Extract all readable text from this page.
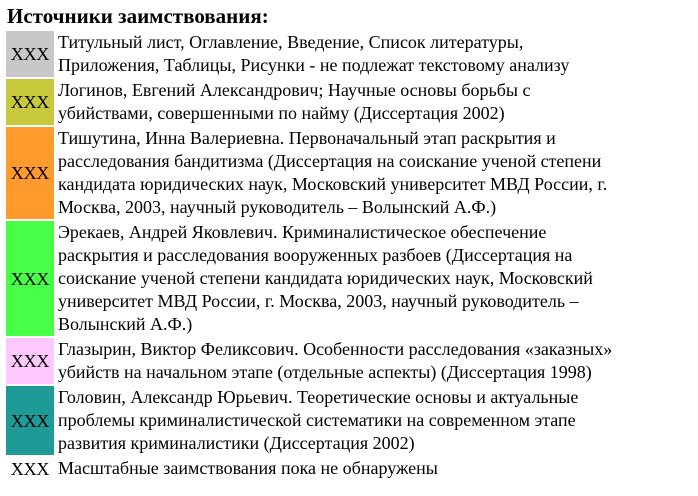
Источники заимствования:
XXX	Титульный лист, Оглавление, Введение, Список литературы,
Приложения, Таблицы, Рисунки - не подлежат текстовому анализу

XXX	Логинов, Евгений Александрович; Научные основы борьбы с
убийствами, совершенными по найму (Диссертация 2002)

XXX	Тишутина, Инна Валериевна. Первоначальный этап раскрытия и
расследования бандитизма (Диссертация на соискание ученой степени
кандидата юридических наук, Московский университет МВД России, г.
Москва, 2003, научный руководитель – Волынский А.Ф.)

XXX	Эрекаев, Андрей Яковлевич. Криминалистическое обеспечение
раскрытия и расследования вооруженных разбоев (Диссертация на
соискание ученой степени кандидата юридических наук, Московский
университет МВД России, г. Москва, 2003, научный руководитель –
Волынский А.Ф.)

XXX	Глазырин, Виктор Феликсович. Особенности расследования «заказных»
убийств на начальном этапе (отдельные аспекты) (Диссертация 1998)

XXX	Головин, Александр Юрьевич. Теоретические основы и актуальные
проблемы криминалистической систематики на современном этапе
развития криминалистики (Диссертация 2002)

XXX	Масштабные заимствования пока не обнаружены
